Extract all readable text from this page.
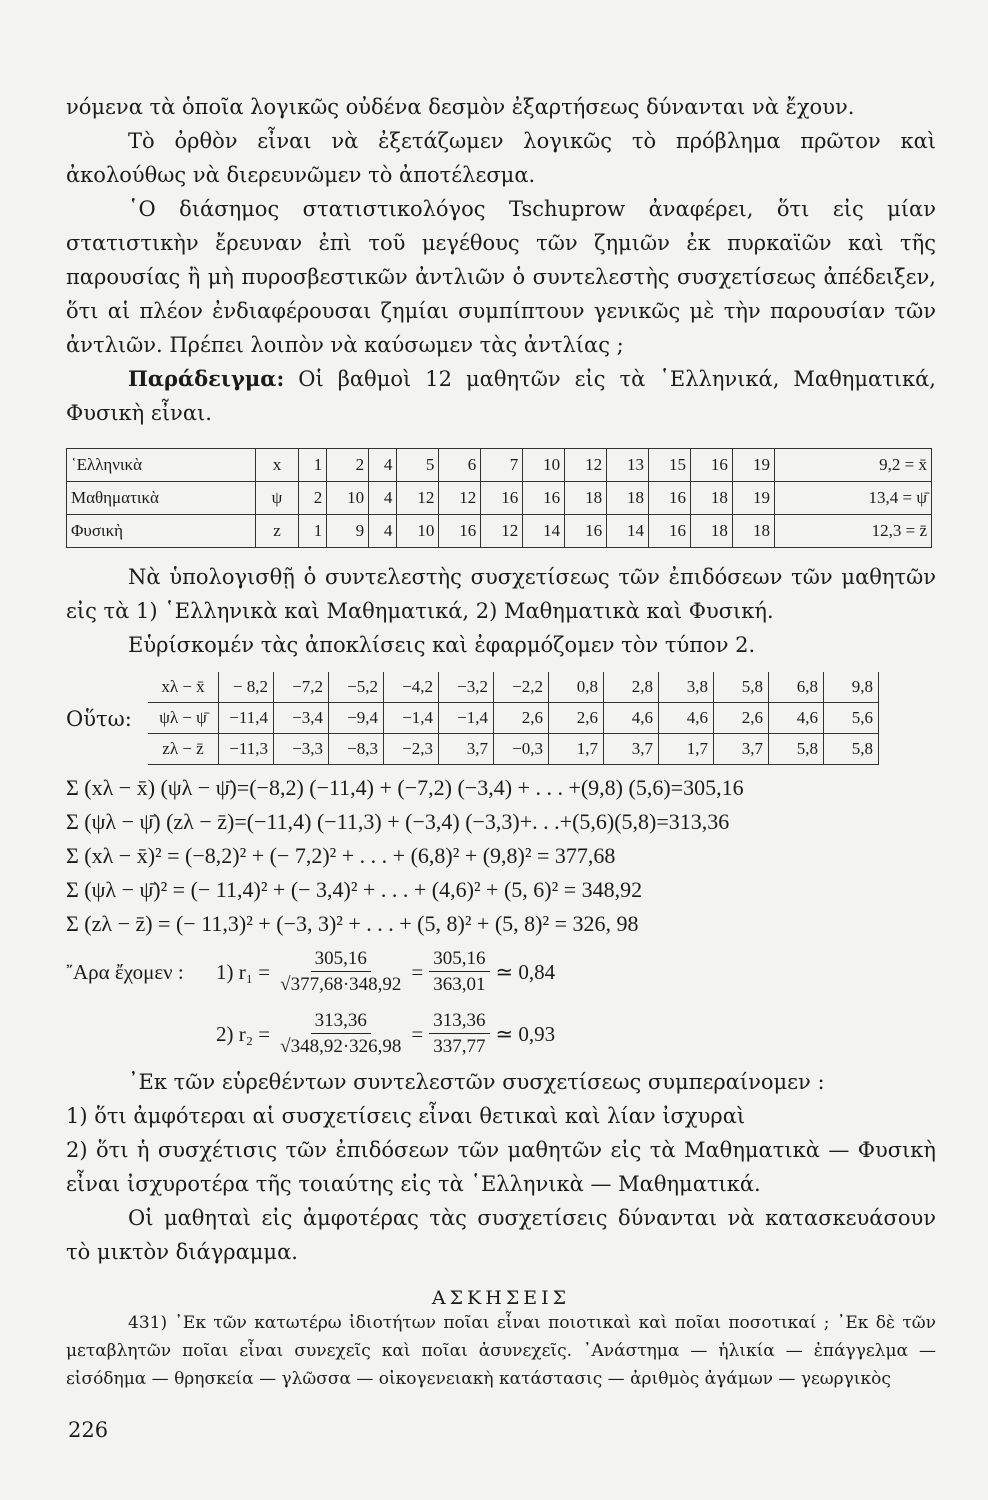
νόμενα τὰ ὁποῖα λογικῶς οὐδένα δεσμὸν ἐξαρτήσεως δύνανται νὰ ἔχουν.

Τὸ ὀρθὸν εἶναι νὰ ἐξετάζωμεν λογικῶς τὸ πρόβλημα πρῶτον καὶ ἀκολούθως νὰ διερευνῶμεν τὸ ἀποτέλεσμα.

῾Ο διάσημος στατιστικολόγος Tschuprow ἀναφέρει, ὅτι εἰς μίαν στατιστικὴν ἔρευναν ἐπὶ τοῦ μεγέθους τῶν ζημιῶν ἐκ πυρκαϊῶν καὶ τῆς παρουσίας ἢ μὴ πυροσβεστικῶν ἀντλιῶν ὁ συντελεστὴς συσχετίσεως ἀπέδειξεν, ὅτι αἱ πλέον ἐνδιαφέρουσαι ζημίαι συμπίπτουν γενικῶς μὲ τὴν παρουσίαν τῶν ἀντλιῶν. Πρέπει λοιπὸν νὰ καύσωμεν τὰς ἀντλίας ;

Παράδειγμα: Οἱ βαθμοὶ 12 μαθητῶν εἰς τὰ ῾Ελληνικά, Μαθηματικά, Φυσικὴ εἶναι.

῾Ελληνικὰ	x	1	2	4	5	6	7	10	12	13	15	16	19	9,2 = x̄
Μαθηματικὰ	ψ	2	10	4	12	12	16	16	18	18	16	18	19	13,4 = ψ̄
Φυσικὴ	z	1	9	4	10	16	12	14	16	14	16	18	18	12,3 = z̄

Νὰ ὑπολογισθῇ ὁ συντελεστὴς συσχετίσεως τῶν ἐπιδόσεων τῶν μαθητῶν εἰς τὰ 1) ῾Ελληνικὰ καὶ Μαθηματικά, 2) Μαθηματικὰ καὶ Φυσική.

Εὑρίσκομέν τὰς ἀποκλίσεις καὶ ἐφαρμόζομεν τὸν τύπον 2.

Οὕτω:
xλ − x̄	− 8,2	−7,2	−5,2	−4,2	−3,2	−2,2	0,8	2,8	3,8	5,8	6,8	9,8
ψλ − ψ̄	−11,4	−3,4	−9,4	−1,4	−1,4	2,6	2,6	4,6	4,6	2,6	4,6	5,6
zλ − z̄	−11,3	−3,3	−8,3	−2,3	3,7	−0,3	1,7	3,7	1,7	3,7	5,8	5,8
Σ (xλ − x̄) (ψλ − ψ̄)=(−8,2) (−11,4) + (−7,2) (−3,4) + . . . +(9,8) (5,6)=305,16
Σ (ψλ − ψ̄) (zλ − z̄)=(−11,4) (−11,3) + (−3,4) (−3,3)+. . .+(5,6)(5,8)=313,36
Σ (xλ − x̄)² = (−8,2)² + (− 7,2)² + . . . + (6,8)² + (9,8)² = 377,68
Σ (ψλ − ψ̄)² = (− 11,4)² + (− 3,4)² + . . . + (4,6)² + (5, 6)² = 348,92
Σ (zλ − z̄) = (− 11,3)² + (−3, 3)² + . . . + (5, 8)² + (5, 8)² = 326, 98
῎Αρα ἔχομεν :	1) $r_1 = \frac{305,16}{√377,68\cdot 348,92} = \frac{305,16}{363,01}$ ≃ 0,84
2) $r_2 = \frac{313,36}{√348,92\cdot 326,98} = \frac{313,36}{337,77}$ ≃ 0,93

᾿Εκ τῶν εὑρεθέντων συντελεστῶν συσχετίσεως συμπεραίνομεν :

1) ὅτι ἀμφότεραι αἱ συσχετίσεις εἶναι θετικαὶ καὶ λίαν ἰσχυραὶ

2) ὅτι ἡ συσχέτισις τῶν ἐπιδόσεων τῶν μαθητῶν εἰς τὰ Μαθηματικὰ — Φυσικὴ εἶναι ἰσχυροτέρα τῆς τοιαύτης εἰς τὰ ῾Ελληνικὰ — Μαθηματικά.

Οἱ μαθηταὶ εἰς ἀμφοτέρας τὰς συσχετίσεις δύνανται νὰ κατασκευάσουν τὸ μικτὸν διάγραμμα.

ΑΣΚΗΣΕΙΣ

431) ᾿Εκ τῶν κατωτέρω ἰδιοτήτων ποῖαι εἶναι ποιοτικαὶ καὶ ποῖαι ποσοτικαί ; ᾿Εκ δὲ τῶν μεταβλητῶν ποῖαι εἶναι συνεχεῖς καὶ ποῖαι ἀσυνεχεῖς. ᾿Ανάστημα — ἡλικία — ἐπάγγελμα — εἰσόδημα — θρησκεία — γλῶσσα — οἰκογενειακὴ κατάστασις — ἀριθμὸς ἀγάμων — γεωργικὸς

226
